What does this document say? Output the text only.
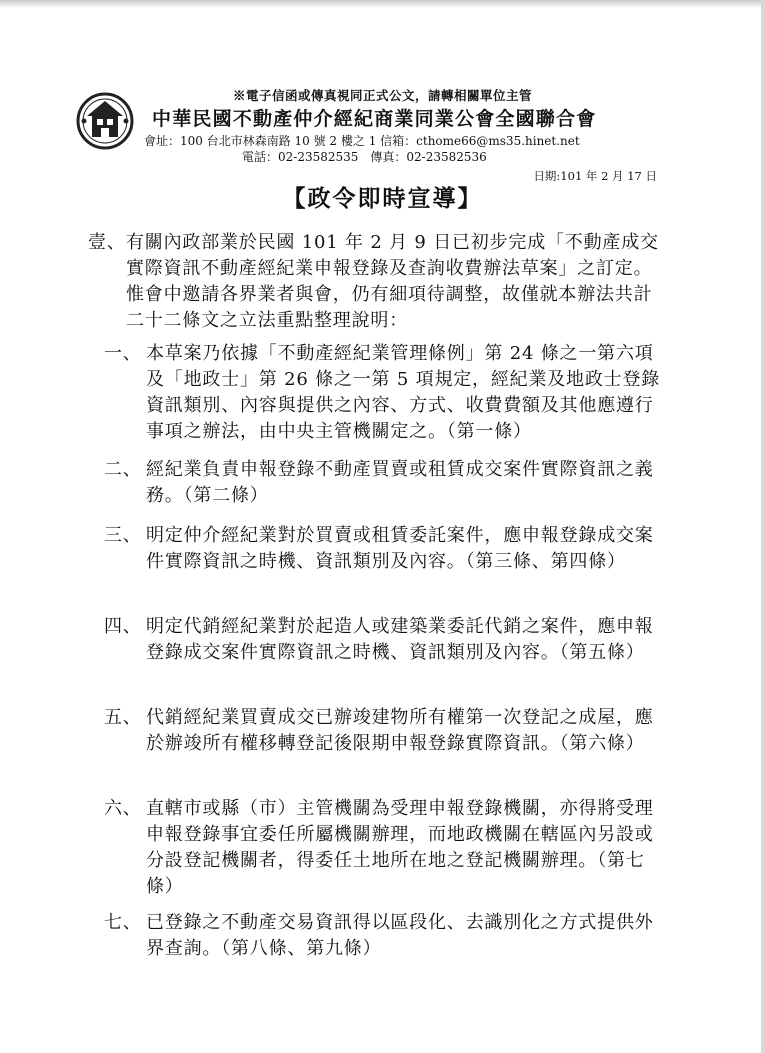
※電子信函或傳真視同正式公文，請轉相關單位主管
中華民國不動產仲介經紀商業同業公會全國聯合會
會址：100 台北市林森南路 10 號 2 樓之 1 信箱：cthome66@ms35.hinet.net
電話：02-23582535　傳真：02-23582536
日期:101 年 2 月 17 日
【政令即時宣導】
壹、 有關內政部業於民國 101 年 2 月 9 日已初步完成「不動產成交實際資訊不動產經紀業申報登錄及查詢收費辦法草案」之訂定。惟會中邀請各界業者與會，仍有細項待調整，故僅就本辦法共計二十二條文之立法重點整理說明：
一、 本草案乃依據「不動產經紀業管理條例」第 24 條之一第六項及「地政士」第 26 條之一第 5 項規定，經紀業及地政士登錄資訊類別、內容與提供之內容、方式、收費費額及其他應遵行事項之辦法，由中央主管機關定之。（第一條）
二、 經紀業負責申報登錄不動產買賣或租賃成交案件實際資訊之義務。（第二條）
三、 明定仲介經紀業對於買賣或租賃委託案件，應申報登錄成交案件實際資訊之時機、資訊類別及內容。（第三條、第四條）
四、 明定代銷經紀業對於起造人或建築業委託代銷之案件，應申報登錄成交案件實際資訊之時機、資訊類別及內容。（第五條）
五、 代銷經紀業買賣成交已辦竣建物所有權第一次登記之成屋，應於辦竣所有權移轉登記後限期申報登錄實際資訊。（第六條）
六、 直轄市或縣（市）主管機關為受理申報登錄機關，亦得將受理申報登錄事宜委任所屬機關辦理，而地政機關在轄區內另設或分設登記機關者，得委任土地所在地之登記機關辦理。（第七條）
七、 已登錄之不動產交易資訊得以區段化、去識別化之方式提供外界查詢。（第八條、第九條）
